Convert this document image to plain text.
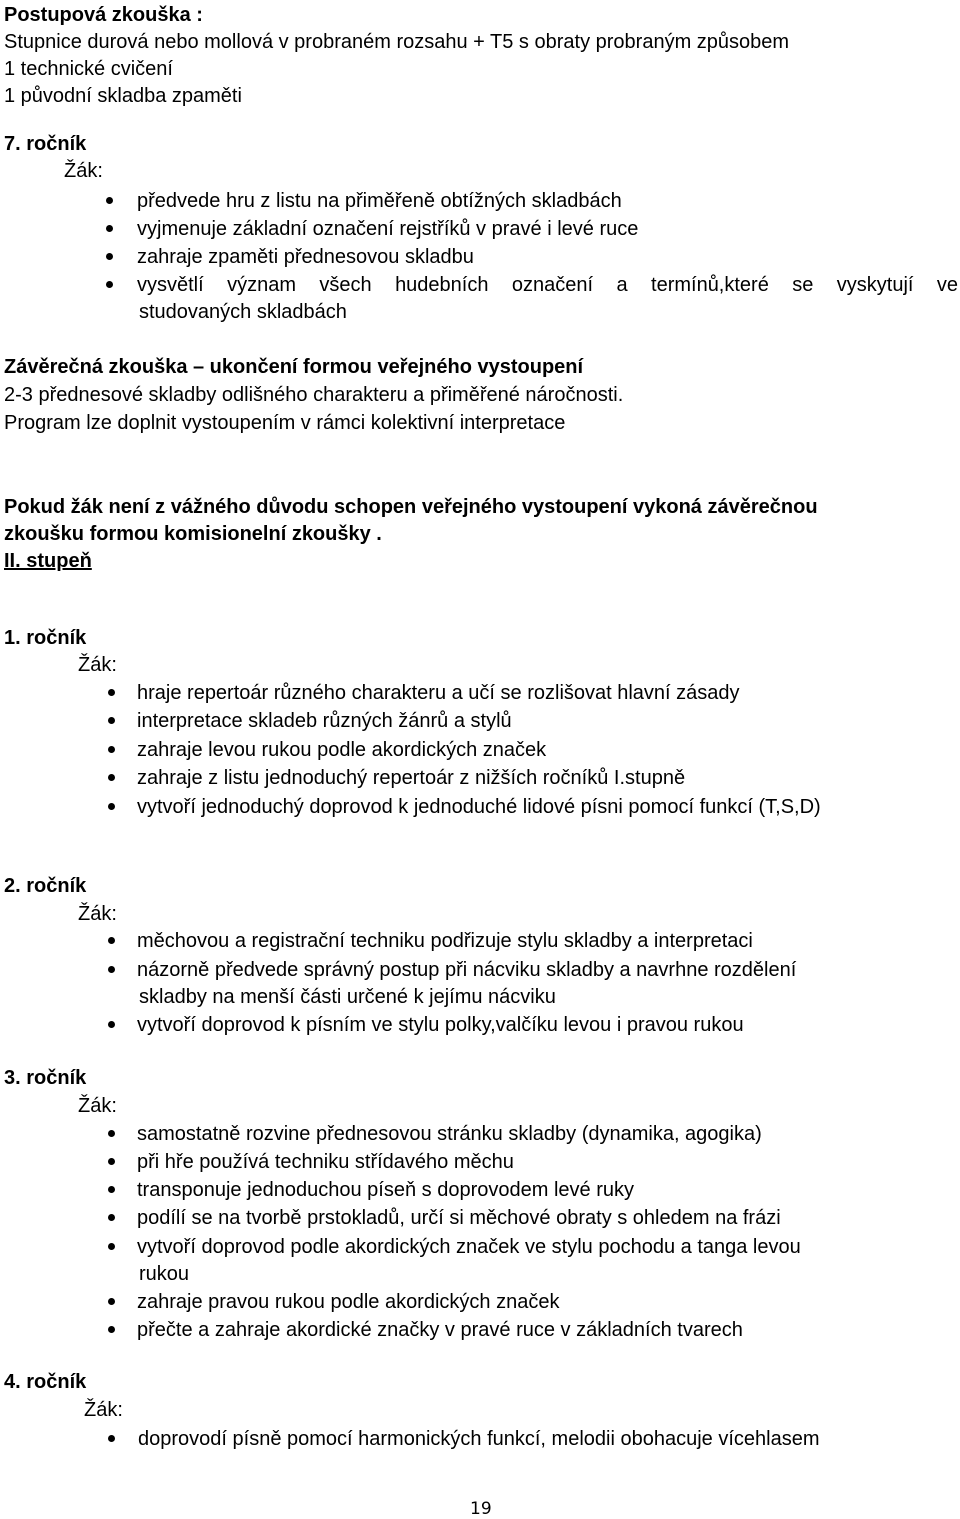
Postupová zkouška :
Stupnice durová nebo mollová v probraném rozsahu + T5 s obraty probraným způsobem
1 technické cvičení
1 původní skladba zpaměti
7. ročník
Žák:
předvede hru z listu na přiměřeně obtížných skladbách
vyjmenuje základní označení rejstříků v pravé i levé ruce
zahraje zpaměti přednesovou skladbu
vysvětlí význam všech hudebních označení a termínů,které se vyskytují ve
studovaných skladbách
Závěrečná zkouška – ukončení formou veřejného vystoupení
2-3 přednesové skladby odlišného charakteru a přiměřené náročnosti.
Program lze doplnit vystoupením v rámci kolektivní interpretace
Pokud žák není z vážného důvodu schopen veřejného vystoupení vykoná závěrečnou
zkoušku formou komisionelní zkoušky .
II. stupeň
1. ročník
Žák:
hraje repertoár různého charakteru a učí se rozlišovat hlavní zásady
interpretace skladeb různých žánrů a stylů
zahraje levou rukou podle akordických značek
zahraje z listu jednoduchý repertoár z nižších ročníků I.stupně
vytvoří jednoduchý doprovod k jednoduché lidové písni pomocí funkcí (T,S,D)
2. ročník
Žák:
měchovou a registrační techniku podřizuje stylu skladby a interpretaci
názorně předvede správný postup při nácviku skladby a navrhne rozdělení
skladby na menší části určené k jejímu nácviku
vytvoří doprovod k písním ve stylu polky,valčíku levou i pravou rukou
3. ročník
Žák:
samostatně rozvine přednesovou stránku skladby (dynamika, agogika)
při hře používá techniku střídavého měchu
transponuje jednoduchou píseň s doprovodem levé ruky
podílí se na tvorbě prstokladů, určí si měchové obraty s ohledem na frázi
vytvoří doprovod podle akordických značek ve stylu pochodu a tanga levou
rukou
zahraje pravou rukou podle akordických značek
přečte a zahraje akordické značky v pravé ruce v základních tvarech
4. ročník
Žák:
doprovodí písně pomocí harmonických funkcí, melodii obohacuje vícehlasem
19
